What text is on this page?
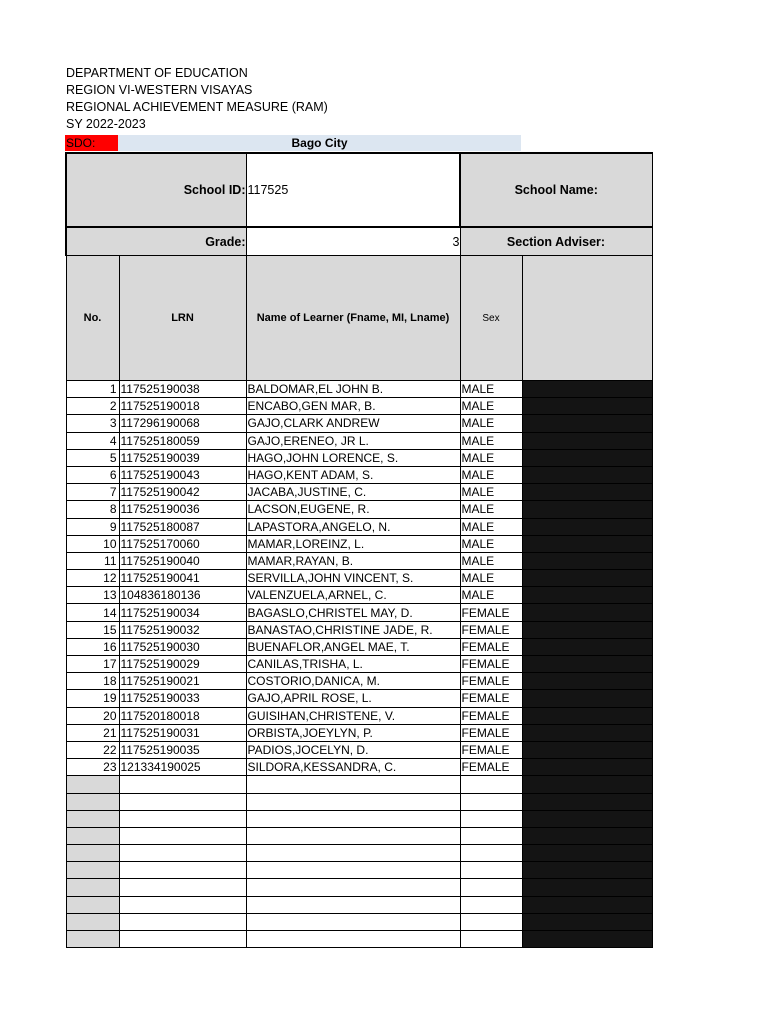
DEPARTMENT OF EDUCATION
REGION VI-WESTERN VISAYAS
REGIONAL ACHIEVEMENT MEASURE (RAM)
SY 2022-2023
SDO:	Bago City
School ID:		117525	School Name:	
Grade:		3	Section Adviser:	
No.	LRN	Name of Learner (Fname, MI, Lname)	Sex	
1	117525190038	BALDOMAR,EL JOHN B.	MALE	
2	117525190018	ENCABO,GEN MAR, B.	MALE	
3	117296190068	GAJO,CLARK ANDREW	MALE	
4	117525180059	GAJO,ERENEO, JR L.	MALE	
5	117525190039	HAGO,JOHN LORENCE, S.	MALE	
6	117525190043	HAGO,KENT ADAM, S.	MALE	
7	117525190042	JACABA,JUSTINE, C.	MALE	
8	117525190036	LACSON,EUGENE, R.	MALE	
9	117525180087	LAPASTORA,ANGELO, N.	MALE	
10	117525170060	MAMAR,LOREINZ, L.	MALE	
11	117525190040	MAMAR,RAYAN, B.	MALE	
12	117525190041	SERVILLA,JOHN VINCENT, S.	MALE	
13	104836180136	VALENZUELA,ARNEL, C.	MALE	
14	117525190034	BAGASLO,CHRISTEL MAY, D.	FEMALE	
15	117525190032	BANASTAO,CHRISTINE JADE, R.	FEMALE	
16	117525190030	BUENAFLOR,ANGEL MAE, T.	FEMALE	
17	117525190029	CANILAS,TRISHA, L.	FEMALE	
18	117525190021	COSTORIO,DANICA, M.	FEMALE	
19	117525190033	GAJO,APRIL ROSE, L.	FEMALE	
20	117520180018	GUISIHAN,CHRISTENE, V.	FEMALE	
21	117525190031	ORBISTA,JOEYLYN, P.	FEMALE	
22	117525190035	PADIOS,JOCELYN, D.	FEMALE	
23	121334190025	SILDORA,KESSANDRA, C.	FEMALE	
